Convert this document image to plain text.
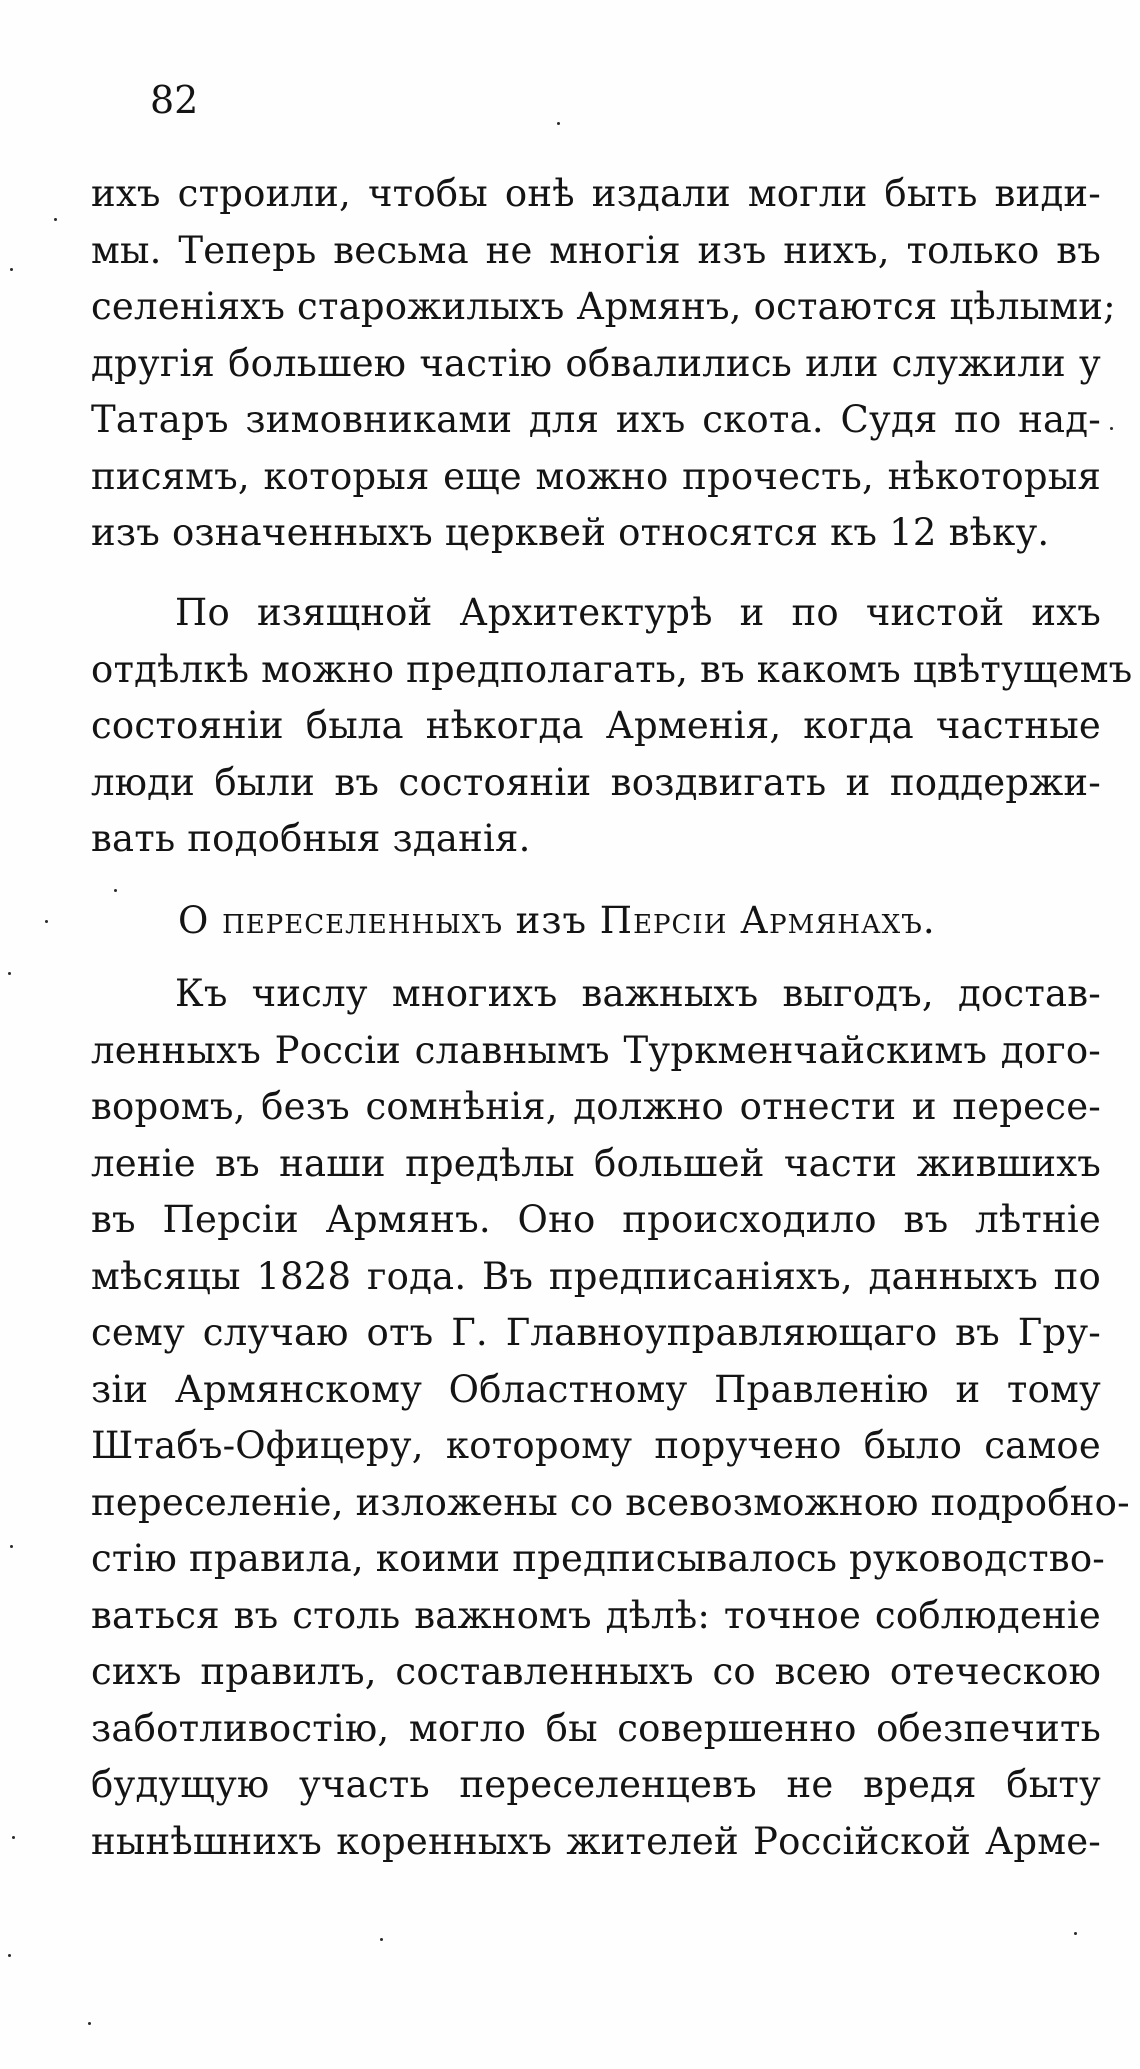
82
ихъ строили, чтобы онѣ издали могли быть види-
мы. Теперь весьма не многія изъ нихъ, только въ
селеніяхъ старожилыхъ Армянъ, остаются цѣлыми;
другія большею частію обвалились или служили у
Татаръ зимовниками для ихъ скота. Судя по над-
писямъ, которыя еще можно прочесть, нѣкоторыя
изъ означенныхъ церквей относятся къ 12 вѣку.
По изящной Архитектурѣ и по чистой ихъ
отдѣлкѣ можно предполагать, въ какомъ цвѣтущемъ
состояніи была нѣкогда Арменія, когда частные
люди были въ состояніи воздвигать и поддержи-
вать подобныя зданія.
О переселенныхъ изъ Персіи Армянахъ.
Къ числу многихъ важныхъ выгодъ, достав-
ленныхъ Россіи славнымъ Туркменчайскимъ дого-
воромъ, безъ сомнѣнія, должно отнести и пересе-
леніе въ наши предѣлы большей части жившихъ
въ Персіи Армянъ. Оно происходило въ лѣтніе
мѣсяцы 1828 года. Въ предписаніяхъ, данныхъ по
сему случаю отъ Г. Главноуправляющаго въ Гру-
зіи Армянскому Областному Правленію и тому
Штабъ-Офицеру, которому поручено было самое
переселеніе, изложены со всевозможною подробно-
стію правила, коими предписывалось руководство-
ваться въ столь важномъ дѣлѣ: точное соблюденіе
сихъ правилъ, составленныхъ со всею отеческою
заботливостію, могло бы совершенно обезпечить
будущую участь переселенцевъ не вредя быту
нынѣшнихъ коренныхъ жителей Россійской Арме-
